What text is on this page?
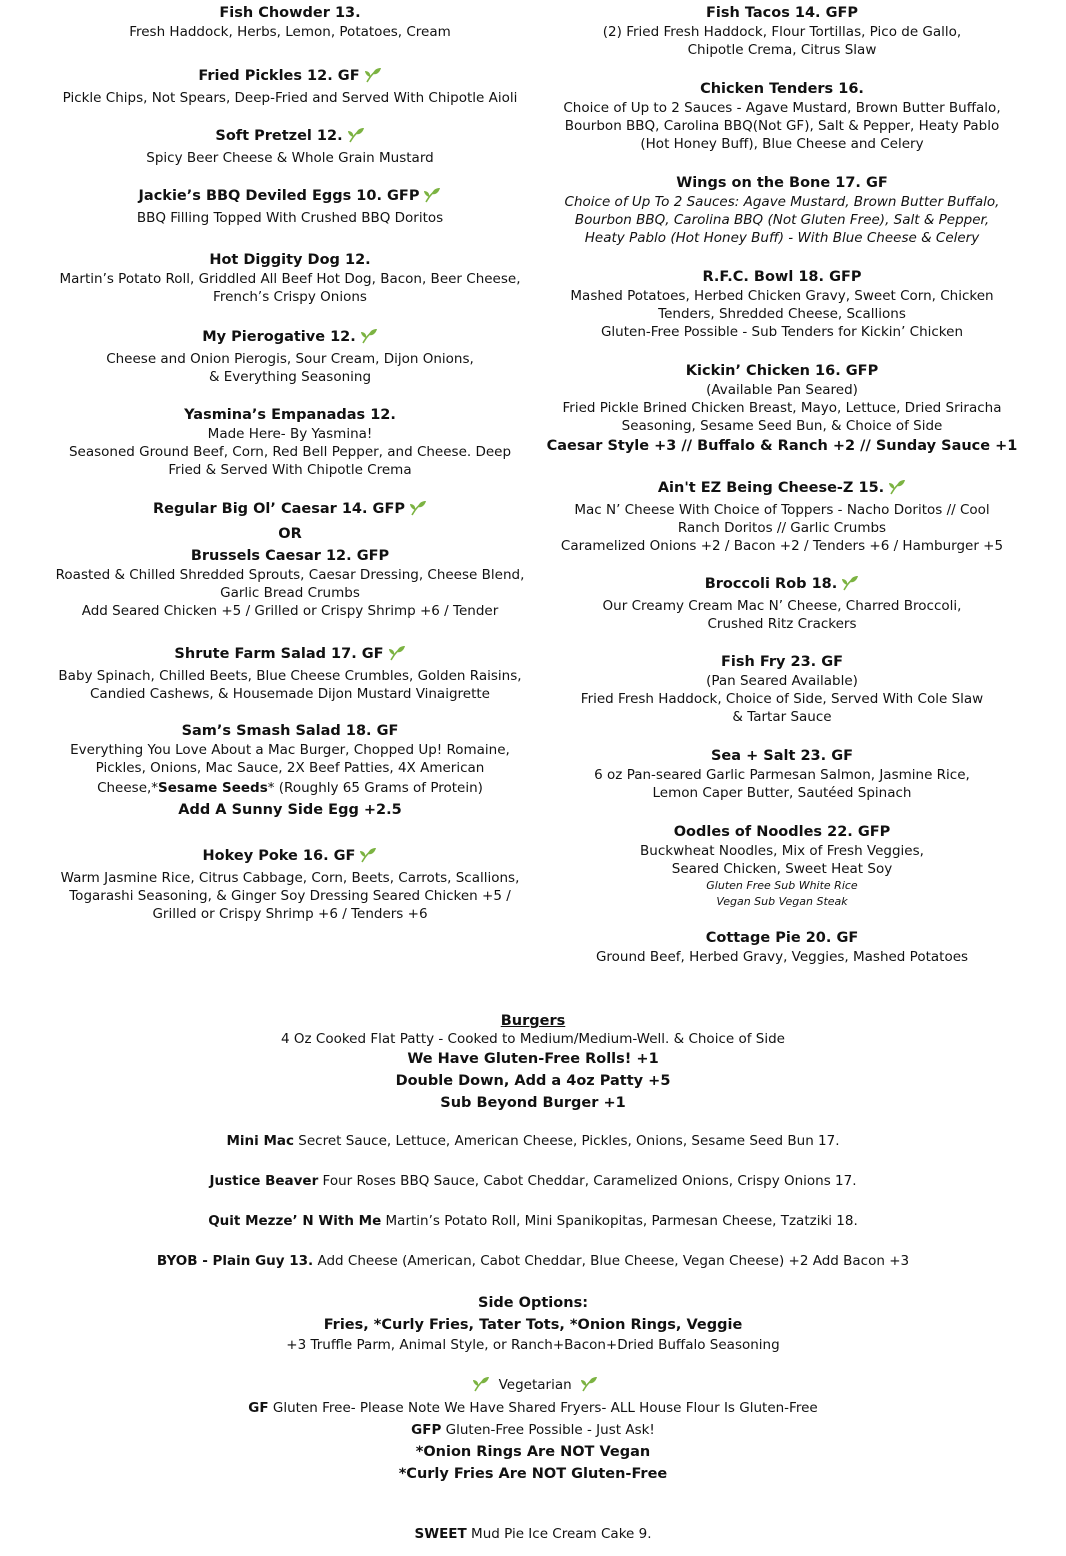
Fish Chowder 13.
Fresh Haddock, Herbs, Lemon, Potatoes, Cream
Fried Pickles 12. GF
Pickle Chips, Not Spears, Deep-Fried and Served With Chipotle Aioli
Soft Pretzel 12.
Spicy Beer Cheese & Whole Grain Mustard
Jackie’s BBQ Deviled Eggs 10. GFP
BBQ Filling Topped With Crushed BBQ Doritos
Hot Diggity Dog 12.
Martin’s Potato Roll, Griddled All Beef Hot Dog, Bacon, Beer Cheese,
French’s Crispy Onions
My Pierogative 12.
Cheese and Onion Pierogis, Sour Cream, Dijon Onions,
& Everything Seasoning
Yasmina’s Empanadas 12.
Made Here- By Yasmina!
Seasoned Ground Beef, Corn, Red Bell Pepper, and Cheese. Deep
Fried & Served With Chipotle Crema
Regular Big Ol’ Caesar 14. GFP
OR
Brussels Caesar 12. GFP
Roasted & Chilled Shredded Sprouts, Caesar Dressing, Cheese Blend,
Garlic Bread Crumbs
Add Seared Chicken +5 / Grilled or Crispy Shrimp +6 / Tender
Shrute Farm Salad 17. GF
Baby Spinach, Chilled Beets, Blue Cheese Crumbles, Golden Raisins,
Candied Cashews, & Housemade Dijon Mustard Vinaigrette
Sam’s Smash Salad 18. GF
Everything You Love About a Mac Burger, Chopped Up! Romaine,
Pickles, Onions, Mac Sauce, 2X Beef Patties, 4X American
Cheese,*Sesame Seeds* (Roughly 65 Grams of Protein)
Add A Sunny Side Egg +2.5
Hokey Poke 16. GF
Warm Jasmine Rice, Citrus Cabbage, Corn, Beets, Carrots, Scallions,
Togarashi Seasoning, & Ginger Soy Dressing Seared Chicken +5 /
Grilled or Crispy Shrimp +6 / Tenders +6
Fish Tacos 14. GFP
(2) Fried Fresh Haddock, Flour Tortillas, Pico de Gallo,
Chipotle Crema, Citrus Slaw
Chicken Tenders 16.
Choice of Up to 2 Sauces - Agave Mustard, Brown Butter Buffalo,
Bourbon BBQ, Carolina BBQ(Not GF), Salt & Pepper, Heaty Pablo
(Hot Honey Buff), Blue Cheese and Celery
Wings on the Bone 17. GF
Choice of Up To 2 Sauces: Agave Mustard, Brown Butter Buffalo,
Bourbon BBQ, Carolina BBQ (Not Gluten Free), Salt & Pepper,
Heaty Pablo (Hot Honey Buff) - With Blue Cheese & Celery
R.F.C. Bowl 18. GFP
Mashed Potatoes, Herbed Chicken Gravy, Sweet Corn, Chicken
Tenders, Shredded Cheese, Scallions
Gluten-Free Possible - Sub Tenders for Kickin’ Chicken
Kickin’ Chicken 16. GFP
(Available Pan Seared)
Fried Pickle Brined Chicken Breast, Mayo, Lettuce, Dried Sriracha
Seasoning, Sesame Seed Bun, & Choice of Side
Caesar Style +3 // Buffalo & Ranch +2 // Sunday Sauce +1
Ain't EZ Being Cheese-Z 15.
Mac N’ Cheese With Choice of Toppers - Nacho Doritos // Cool
Ranch Doritos // Garlic Crumbs
Caramelized Onions +2 / Bacon +2 / Tenders +6 / Hamburger +5
Broccoli Rob 18.
Our Creamy Cream Mac N’ Cheese, Charred Broccoli,
Crushed Ritz Crackers
Fish Fry 23. GF
(Pan Seared Available)
Fried Fresh Haddock, Choice of Side, Served With Cole Slaw
& Tartar Sauce
Sea + Salt 23. GF
6 oz Pan-seared Garlic Parmesan Salmon, Jasmine Rice,
Lemon Caper Butter, Sautéed Spinach
Oodles of Noodles 22. GFP
Buckwheat Noodles, Mix of Fresh Veggies,
Seared Chicken, Sweet Heat Soy
Gluten Free Sub White Rice
Vegan Sub Vegan Steak
Cottage Pie 20. GF
Ground Beef, Herbed Gravy, Veggies, Mashed Potatoes
Burgers
4 Oz Cooked Flat Patty - Cooked to Medium/Medium-Well. & Choice of Side
We Have Gluten-Free Rolls! +1
Double Down, Add a 4oz Patty +5
Sub Beyond Burger +1
Mini Mac Secret Sauce, Lettuce, American Cheese, Pickles, Onions, Sesame Seed Bun 17.
Justice Beaver Four Roses BBQ Sauce, Cabot Cheddar, Caramelized Onions, Crispy Onions 17.
Quit Mezze’ N With Me Martin’s Potato Roll, Mini Spanikopitas, Parmesan Cheese, Tzatziki 18.
BYOB - Plain Guy 13. Add Cheese (American, Cabot Cheddar, Blue Cheese, Vegan Cheese) +2 Add Bacon +3
Side Options:
Fries, *Curly Fries, Tater Tots, *Onion Rings, Veggie
+3 Truffle Parm, Animal Style, or Ranch+Bacon+Dried Buffalo Seasoning
Vegetarian
GF Gluten Free- Please Note We Have Shared Fryers- ALL House Flour Is Gluten-Free
GFP Gluten-Free Possible - Just Ask!
*Onion Rings Are NOT Vegan
*Curly Fries Are NOT Gluten-Free
SWEET Mud Pie Ice Cream Cake 9.
